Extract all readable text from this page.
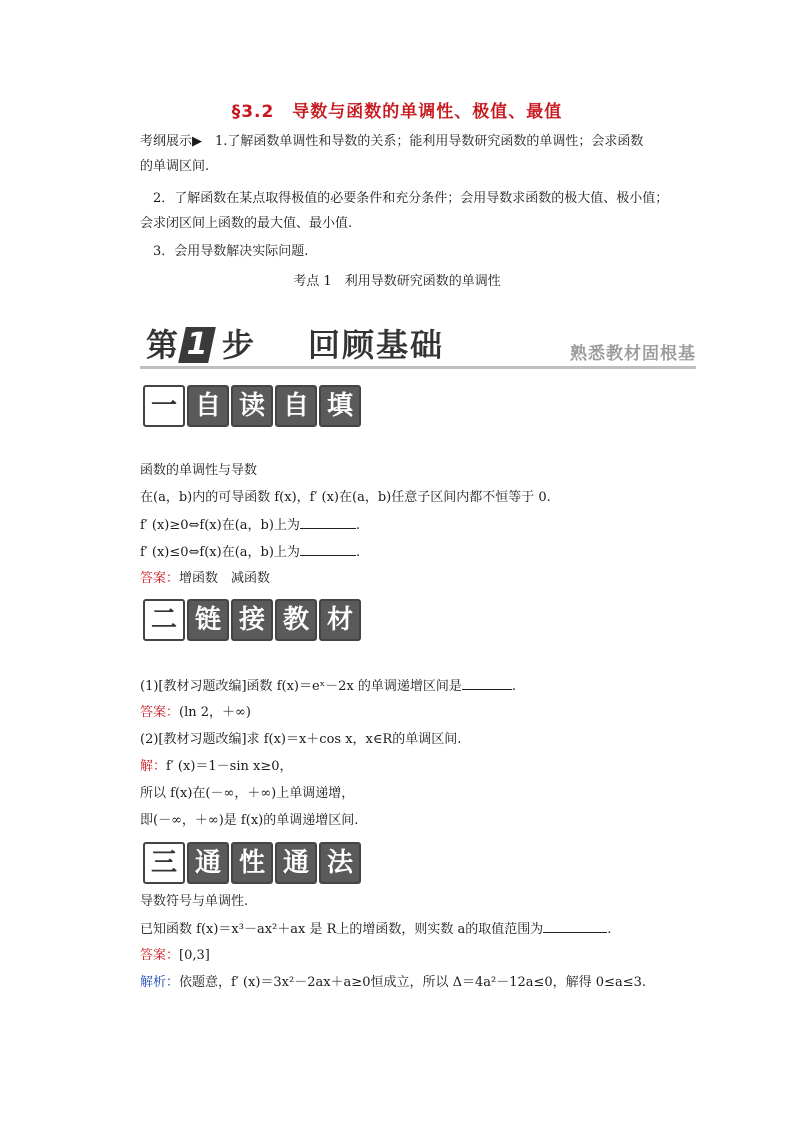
§3.2　导数与函数的单调性、极值、最值
考纲展示▶　1.了解函数单调性和导数的关系；能利用导数研究函数的单调性；会求函数
的单调区间.
　2．了解函数在某点取得极值的必要条件和充分条件；会用导数求函数的极大值、极小值；
会求闭区间上函数的最大值、最小值.
　3．会用导数解决实际问题.
考点 1　利用导数研究函数的单调性
第 1 步 回顾基础	熟悉教材固根基
一 自 读 自 填
函数的单调性与导数
在(a，b)内的可导函数 f(x)，f′ (x)在(a，b)任意子区间内都不恒等于 0.
f′ (x)≥0⇔f(x)在(a，b)上为	.
f′ (x)≤0⇔f(x)在(a，b)上为	.
答案：增函数　减函数
二 链 接 教 材
(1)[教材习题改编]函数 f(x)＝eˣ－2x 的单调递增区间是	.
答案：(ln 2，＋∞)
(2)[教材习题改编]求 f(x)＝x＋cos x，x∈R的单调区间.
解：f′ (x)＝1－sin x≥0，
所以 f(x)在(－∞，＋∞)上单调递增，
即(－∞，＋∞)是 f(x)的单调递增区间.
三 通 性 通 法
导数符号与单调性.
已知函数 f(x)＝x³－ax²＋ax 是 R上的增函数，则实数 a的取值范围为	.
答案：[0,3]
解析：依题意，f′ (x)＝3x²－2ax＋a≥0恒成立，所以 Δ＝4a²－12a≤0，解得 0≤a≤3.
